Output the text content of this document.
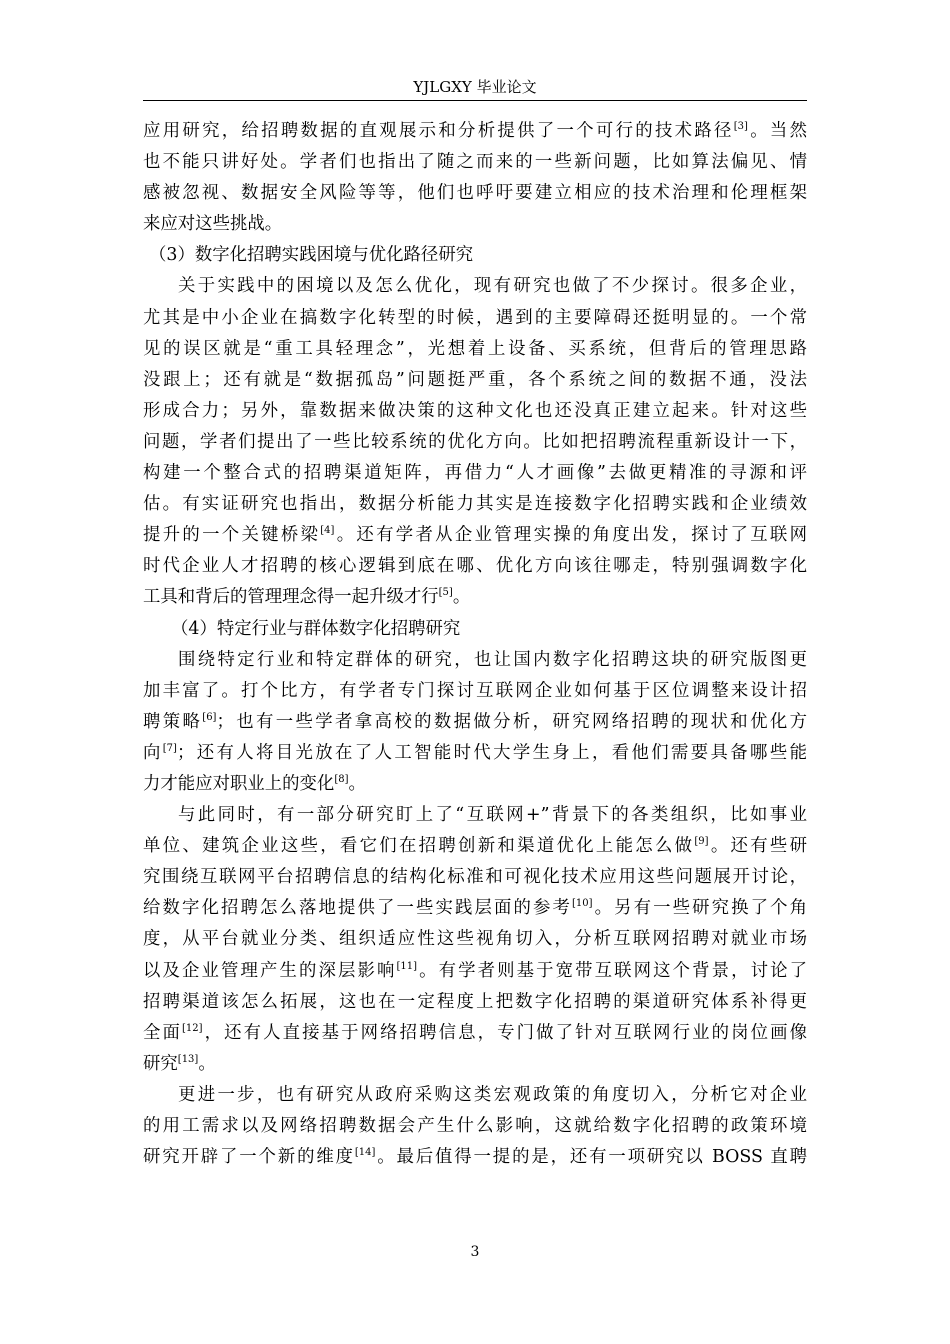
YJLGXY 毕业论文
应用研究，给招聘数据的直观展示和分析提供了一个可行的技术路径[3]。当然
也不能只讲好处。学者们也指出了随之而来的一些新问题，比如算法偏见、情
感被忽视、数据安全风险等等，他们也呼吁要建立相应的技术治理和伦理框架
来应对这些挑战。
（3）数字化招聘实践困境与优化路径研究
关于实践中的困境以及怎么优化，现有研究也做了不少探讨。很多企业，
尤其是中小企业在搞数字化转型的时候，遇到的主要障碍还挺明显的。一个常
见的误区就是“重工具轻理念”，光想着上设备、买系统，但背后的管理思路
没跟上；还有就是“数据孤岛”问题挺严重，各个系统之间的数据不通，没法
形成合力；另外，靠数据来做决策的这种文化也还没真正建立起来。针对这些
问题，学者们提出了一些比较系统的优化方向。比如把招聘流程重新设计一下，
构建一个整合式的招聘渠道矩阵，再借力“人才画像”去做更精准的寻源和评
估。有实证研究也指出，数据分析能力其实是连接数字化招聘实践和企业绩效
提升的一个关键桥梁[4]。还有学者从企业管理实操的角度出发，探讨了互联网
时代企业人才招聘的核心逻辑到底在哪、优化方向该往哪走，特别强调数字化
工具和背后的管理理念得一起升级才行[5]。
（4）特定行业与群体数字化招聘研究
围绕特定行业和特定群体的研究，也让国内数字化招聘这块的研究版图更
加丰富了。打个比方，有学者专门探讨互联网企业如何基于区位调整来设计招
聘策略[6]；也有一些学者拿高校的数据做分析，研究网络招聘的现状和优化方
向[7]；还有人将目光放在了人工智能时代大学生身上，看他们需要具备哪些能
力才能应对职业上的变化[8]。
与此同时，有一部分研究盯上了“互联网+”背景下的各类组织，比如事业
单位、建筑企业这些，看它们在招聘创新和渠道优化上能怎么做[9]。还有些研
究围绕互联网平台招聘信息的结构化标准和可视化技术应用这些问题展开讨论，
给数字化招聘怎么落地提供了一些实践层面的参考[10]。另有一些研究换了个角
度，从平台就业分类、组织适应性这些视角切入，分析互联网招聘对就业市场
以及企业管理产生的深层影响[11]。有学者则基于宽带互联网这个背景，讨论了
招聘渠道该怎么拓展，这也在一定程度上把数字化招聘的渠道研究体系补得更
全面[12]，还有人直接基于网络招聘信息，专门做了针对互联网行业的岗位画像
研究[13]。
更进一步，也有研究从政府采购这类宏观政策的角度切入，分析它对企业
的用工需求以及网络招聘数据会产生什么影响，这就给数字化招聘的政策环境
研究开辟了一个新的维度[14]。最后值得一提的是，还有一项研究以 BOSS 直聘
3
